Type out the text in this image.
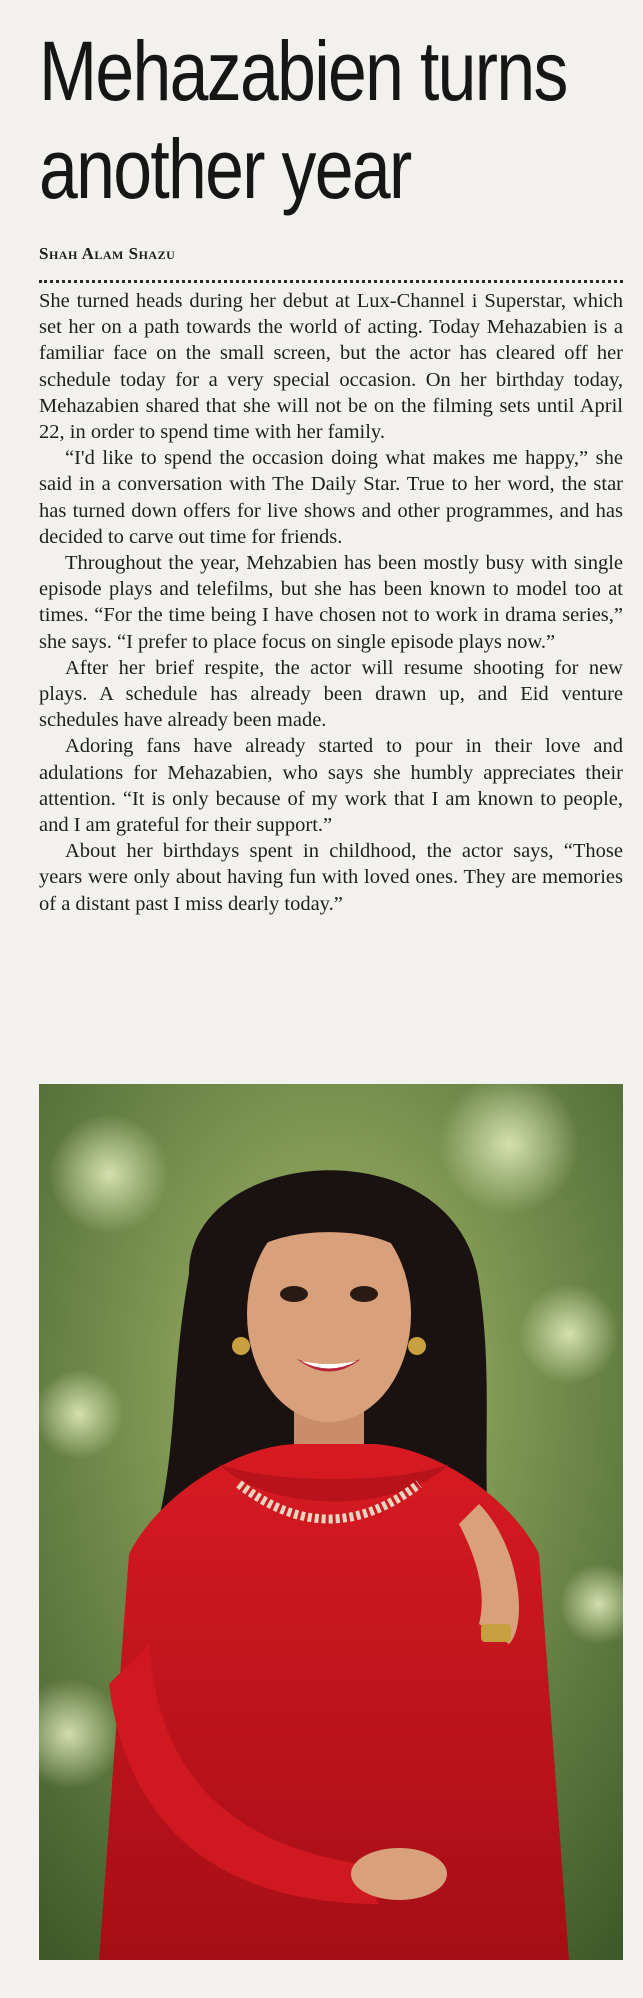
Mehazabien turns
another year
Shah Alam Shazu

She turned heads during her debut at Lux-Channel i Superstar, which set her on a path towards the world of acting. Today Mehazabien is a familiar face on the small screen, but the actor has cleared off her schedule today for a very special occasion. On her birthday today, Mehazabien shared that she will not be on the filming sets until April 22, in order to spend time with her family.

“I'd like to spend the occasion doing what makes me happy,” she said in a conversation with The Daily Star. True to her word, the star has turned down offers for live shows and other programmes, and has decided to carve out time for friends.

Throughout the year, Mehzabien has been mostly busy with single episode plays and telefilms, but she has been known to model too at times. “For the time being I have chosen not to work in drama series,” she says. “I prefer to place focus on single episode plays now.”

After her brief respite, the actor will resume shooting for new plays. A schedule has already been drawn up, and Eid venture schedules have already been made.

Adoring fans have already started to pour in their love and adulations for Mehazabien, who says she humbly appreciates their attention. “It is only because of my work that I am known to people, and I am grateful for their support.”

About her birthdays spent in childhood, the actor says, “Those years were only about having fun with loved ones. They are memories of a distant past I miss dearly today.”
